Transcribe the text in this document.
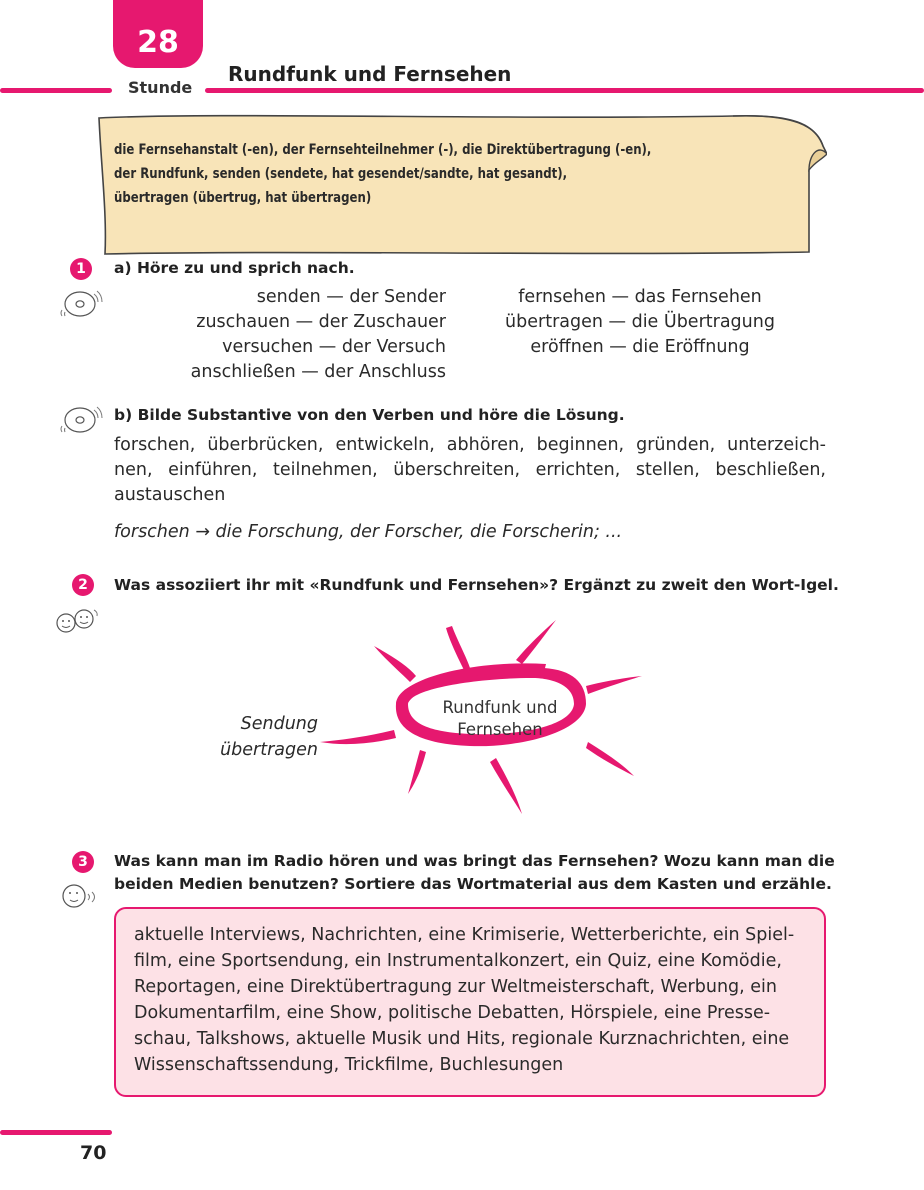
28
Stunde
Rundfunk und Fernsehen
die Fernsehanstalt (-en), der Fernsehteilnehmer (-), die Direktübertragung (-en),
der Rundfunk, senden (sendete, hat gesendet/sandte, hat gesandt),
übertragen (übertrug, hat übertragen)
1	a) Höre zu und sprich nach.
senden — der Sender
zuschauen — der Zuschauer
versuchen — der Versuch
anschließen — der Anschluss
fernsehen — das Fernsehen
übertragen — die Übertragung
eröffnen — die Eröffnung
b) Bilde Substantive von den Verben und höre die Lösung.
forschen, überbrücken, entwickeln, abhören, beginnen, gründen, unterzeich-
nen, einführen, teilnehmen, überschreiten, errichten, stellen, beschließen,
austauschen
forschen → die Forschung, der Forscher, die Forscherin; ...
2	Was assoziiert ihr mit «Rundfunk und Fernsehen»? Ergänzt zu zweit den Wort-Igel.
Rundfunk und
Fernsehen
Sendung
übertragen
3	Was kann man im Radio hören und was bringt das Fernsehen? Wozu kann man die
beiden Medien benutzen? Sortiere das Wortmaterial aus dem Kasten und erzähle.
aktuelle Interviews, Nachrichten, eine Krimiserie, Wetterberichte, ein Spiel-
film, eine Sportsendung, ein Instrumentalkonzert, ein Quiz, eine Komödie,
Reportagen, eine Direktübertragung zur Weltmeisterschaft, Werbung, ein
Dokumentarfilm, eine Show, politische Debatten, Hörspiele, eine Presse-
schau, Talkshows, aktuelle Musik und Hits, regionale Kurznachrichten, eine
Wissenschaftssendung, Trickfilme, Buchlesungen
70
